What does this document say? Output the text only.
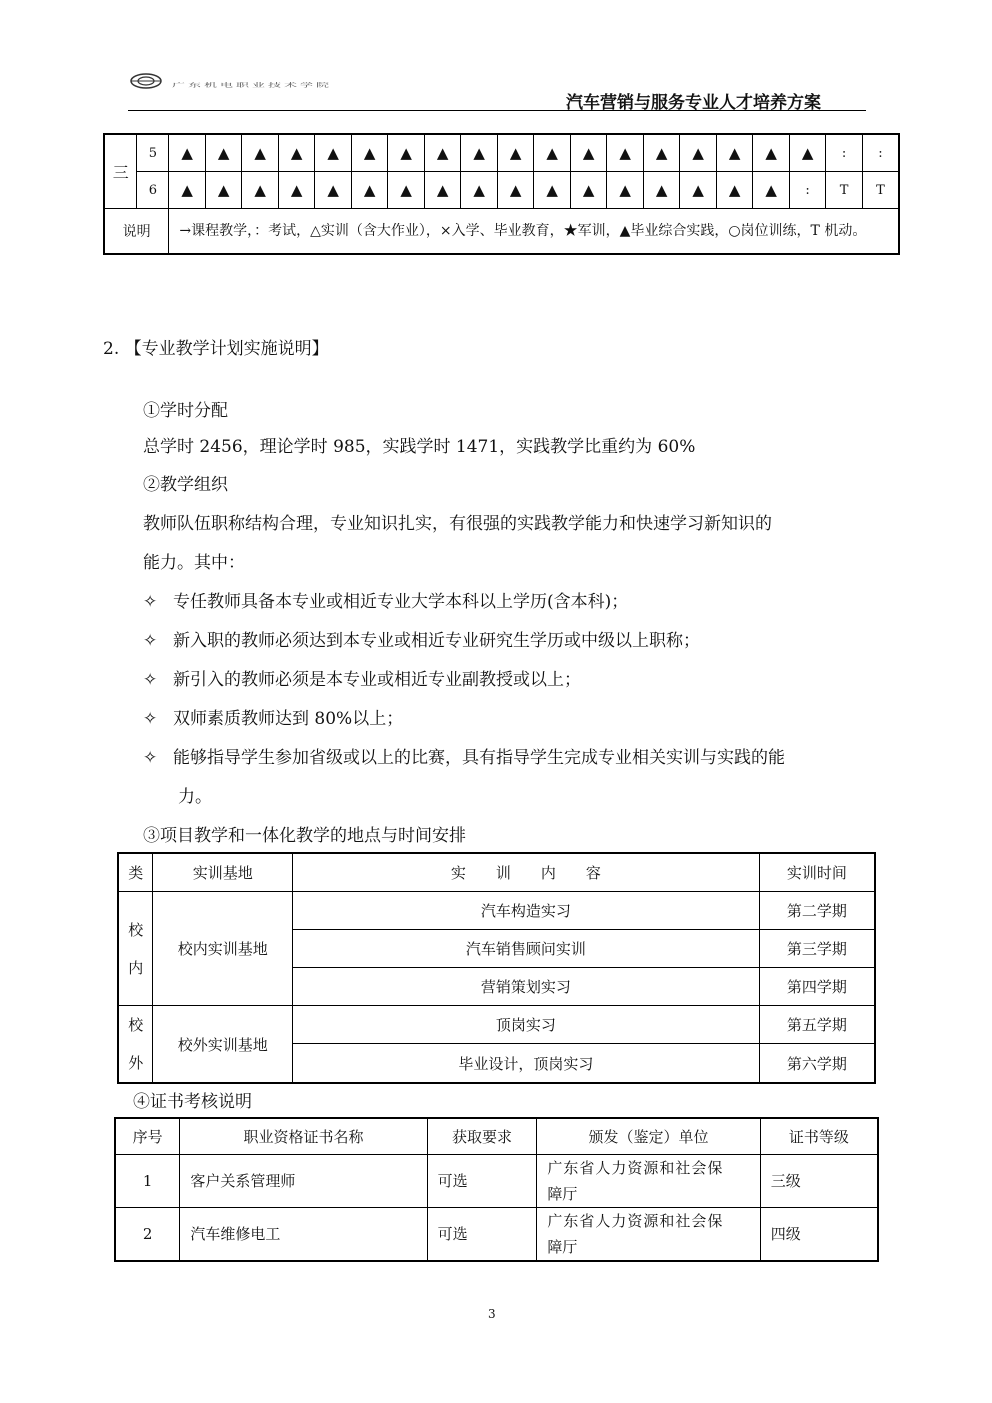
广东机电职业技术学院
汽车营销与服务专业人才培养方案
三	5	▲	▲	▲	▲	▲	▲	▲	▲	▲	▲	▲	▲	▲	▲	▲	▲	▲	▲	:	:
	6	▲	▲	▲	▲	▲	▲	▲	▲	▲	▲	▲	▲	▲	▲	▲	▲	▲	:	T	T
说明		→课程教学，：考试，△实训（含大作业），×入学、毕业教育，★军训，▲毕业综合实践，○岗位训练，T 机动。																			
2. 【专业教学计划实施说明】
①学时分配
总学时 2456，理论学时 985，实践学时 1471，实践教学比重约为 60%
②教学组织
教师队伍职称结构合理，专业知识扎实，有很强的实践教学能力和快速学习新知识的
能力。其中：
✧ 专任教师具备本专业或相近专业大学本科以上学历(含本科)；
✧ 新入职的教师必须达到本专业或相近专业研究生学历或中级以上职称；
✧ 新引入的教师必须是本专业或相近专业副教授或以上；
✧ 双师素质教师达到 80%以上；
✧ 能够指导学生参加省级或以上的比赛，具有指导学生完成专业相关实训与实践的能
力。
③项目教学和一体化教学的地点与时间安排
类	实训基地	实　　训　　内　　容	实训时间

校
内	校内实训基地	汽车构造实习	第二学期
		汽车销售顾问实训	第三学期
		营销策划实习	第四学期

校
外	校外实训基地	顶岗实习	第五学期
		毕业设计，顶岗实习	第六学期
④证书考核说明
序号	职业资格证书名称	获取要求	颁发（鉴定）单位	证书等级
1	客户关系管理师	可选	广东省人力资源和社会保
障厅	三级
2	汽车维修电工	可选	广东省人力资源和社会保
障厅	四级
3
